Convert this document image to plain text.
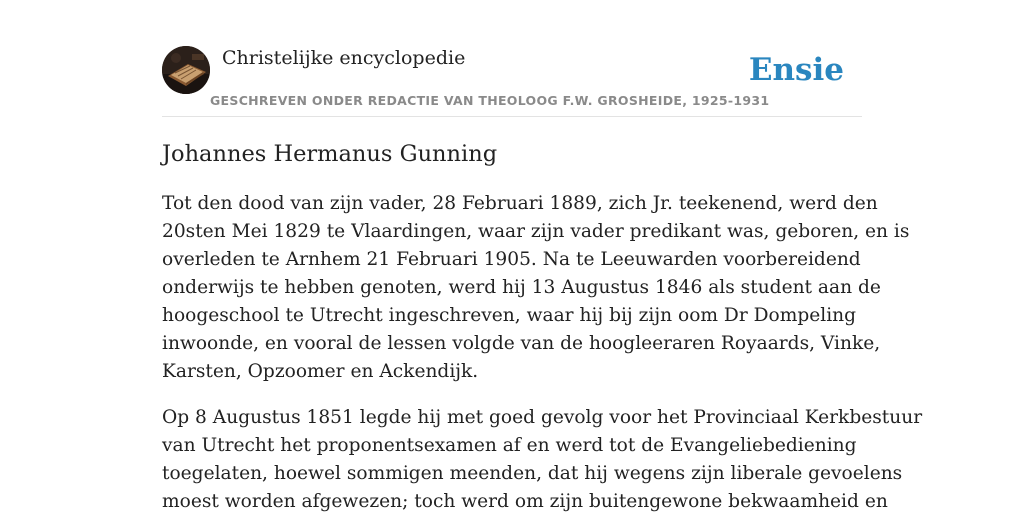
Christelijke encyclopedie
GESCHREVEN ONDER REDACTIE VAN THEOLOOG F.W. GROSHEIDE, 1925-1931
Ensie
Johannes Hermanus Gunning

Tot den dood van zijn vader, 28 Februari 1889, zich Jr. teekenend, werd den
20sten Mei 1829 te Vlaardingen, waar zijn vader predikant was, geboren, en is
overleden te Arnhem 21 Februari 1905. Na te Leeuwarden voorbereidend
onderwijs te hebben genoten, werd hij 13 Augustus 1846 als student aan de
hoogeschool te Utrecht ingeschreven, waar hij bij zijn oom Dr Dompeling
inwoonde, en vooral de lessen volgde van de hoogleeraren Royaards, Vinke,
Karsten, Opzoomer en Ackendijk.

Op 8 Augustus 1851 legde hij met goed gevolg voor het Provinciaal Kerkbestuur
van Utrecht het proponentsexamen af en werd tot de Evangeliebediening
toegelaten, hoewel sommigen meenden, dat hij wegens zijn liberale gevoelens
moest worden afgewezen; toch werd om zijn buitengewone bekwaamheid en
